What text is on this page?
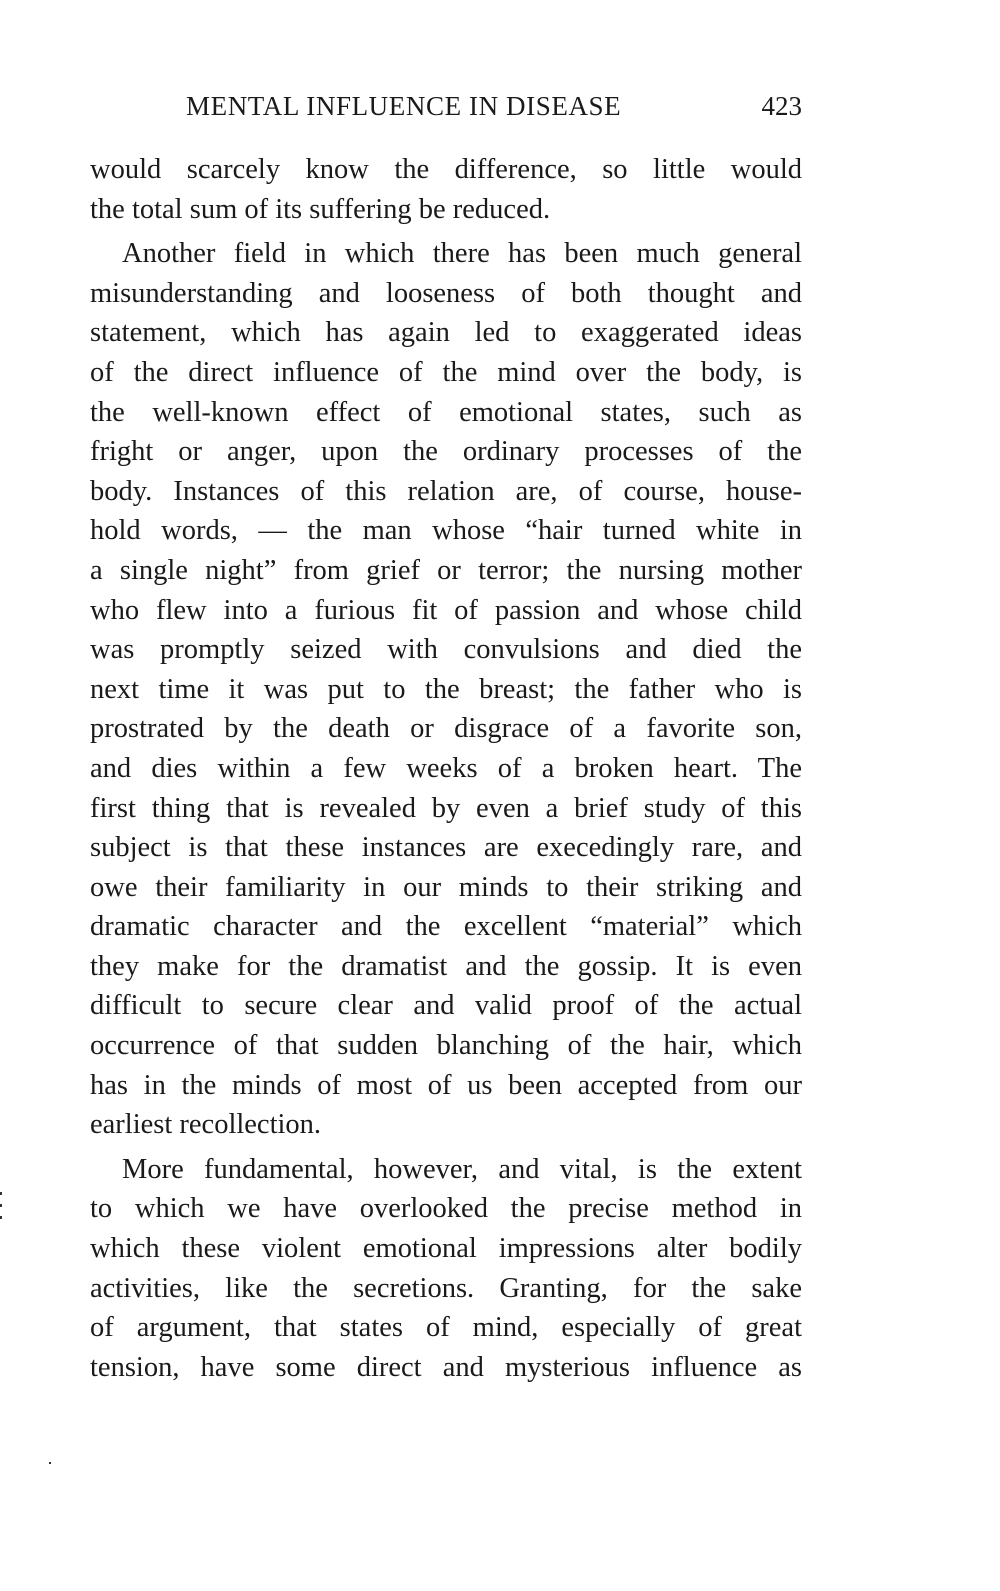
MENTAL INFLUENCE IN DISEASE	423
would scarcely know the difference, so little would
the total sum of its suffering be reduced.
Another field in which there has been much general
misunderstanding and looseness of both thought and
statement, which has again led to exaggerated ideas
of the direct influence of the mind over the body, is
the well-known effect of emotional states, such as
fright or anger, upon the ordinary processes of the
body. Instances of this relation are, of course, house-
hold words, — the man whose “hair turned white in
a single night” from grief or terror; the nursing mother
who flew into a furious fit of passion and whose child
was promptly seized with convulsions and died the
next time it was put to the breast; the father who is
prostrated by the death or disgrace of a favorite son,
and dies within a few weeks of a broken heart. The
first thing that is revealed by even a brief study of this
subject is that these instances are execedingly rare, and
owe their familiarity in our minds to their striking and
dramatic character and the excellent “material” which
they make for the dramatist and the gossip. It is even
difficult to secure clear and valid proof of the actual
occurrence of that sudden blanching of the hair, which
has in the minds of most of us been accepted from our
earliest recollection.
More fundamental, however, and vital, is the extent
to which we have overlooked the precise method in
which these violent emotional impressions alter bodily
activities, like the secretions. Granting, for the sake
of argument, that states of mind, especially of great
tension, have some direct and mysterious influence as
